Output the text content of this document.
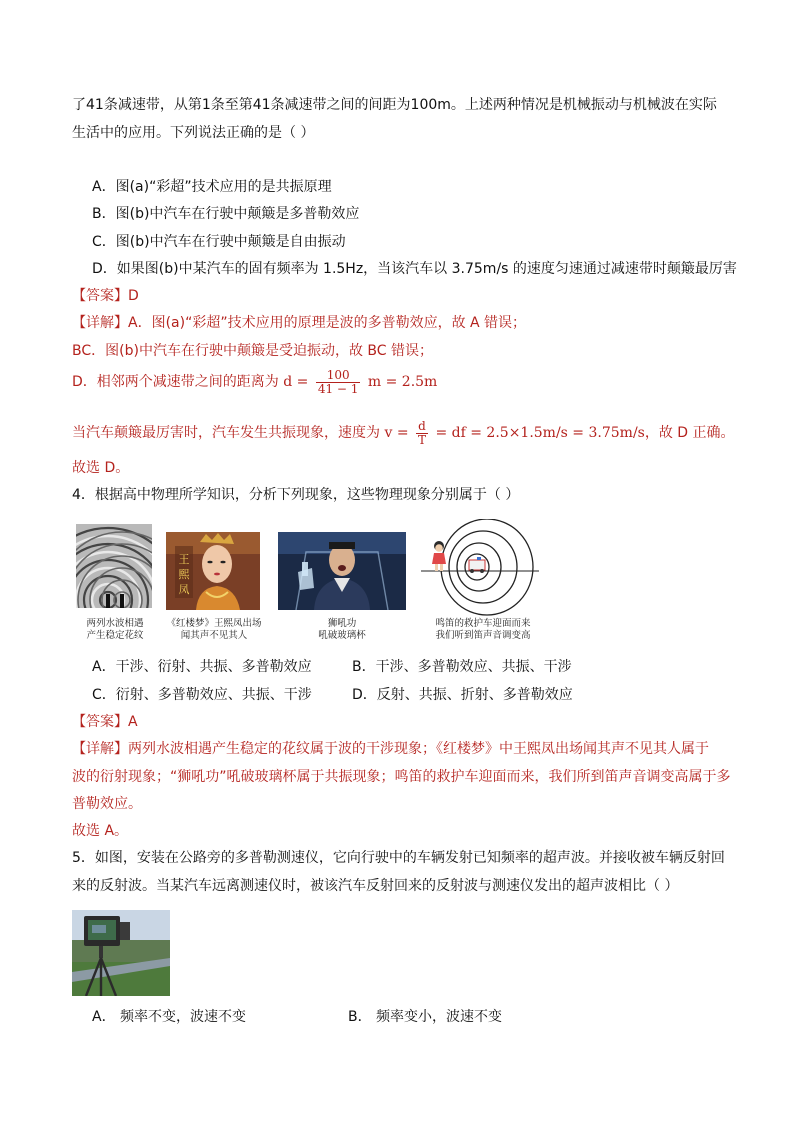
了41条减速带，从第1条至第41条减速带之间的间距为100m。上述两种情况是机械振动与机械波在实际
生活中的应用。下列说法正确的是（ ）
A．图(a)“彩超”技术应用的是共振原理
B．图(b)中汽车在行驶中颠簸是多普勒效应
C．图(b)中汽车在行驶中颠簸是自由振动
D．如果图(b)中某汽车的固有频率为 1.5Hz，当该汽车以 3.75m/s 的速度匀速通过减速带时颠簸最厉害
【答案】D
【详解】A．图(a)“彩超”技术应用的原理是波的多普勒效应，故 A 错误；
BC．图(b)中汽车在行驶中颠簸是受迫振动，故 BC 错误；
D．相邻两个减速带之间的距离为 $d = \frac{100}{41 - 1}$ m = 2.5m
当汽车颠簸最厉害时，汽车发生共振现象，速度为 $v = \frac{d}{T}$ = df = 2.5×1.5m/s = 3.75m/s，故 D 正确。
故选 D。
4．根据高中物理所学知识，分析下列现象，这些物理现象分别属于（ ）
两列水波相遇
产生稳定花纹
王
熙
凤
《红楼梦》王熙凤出场
闻其声不见其人
狮吼功
吼破玻璃杯
鸣笛的救护车迎面而来
我们听到笛声音调变高
A．干涉、衍射、共振、多普勒效应	B．干涉、多普勒效应、共振、干涉
C．衍射、多普勒效应、共振、干涉	D．反射、共振、折射、多普勒效应
【答案】A
【详解】两列水波相遇产生稳定的花纹属于波的干涉现象；《红楼梦》中王熙凤出场闻其声不见其人属于
波的衍射现象；“狮吼功”吼破玻璃杯属于共振现象；鸣笛的救护车迎面而来，我们所到笛声音调变高属于多
普勒效应。
故选 A。
5．如图，安装在公路旁的多普勒测速仪，它向行驶中的车辆发射已知频率的超声波。并接收被车辆反射回
来的反射波。当某汽车远离测速仪时，被该汽车反射回来的反射波与测速仪发出的超声波相比（ ）
A． 频率不变，波速不变	B． 频率变小，波速不变
